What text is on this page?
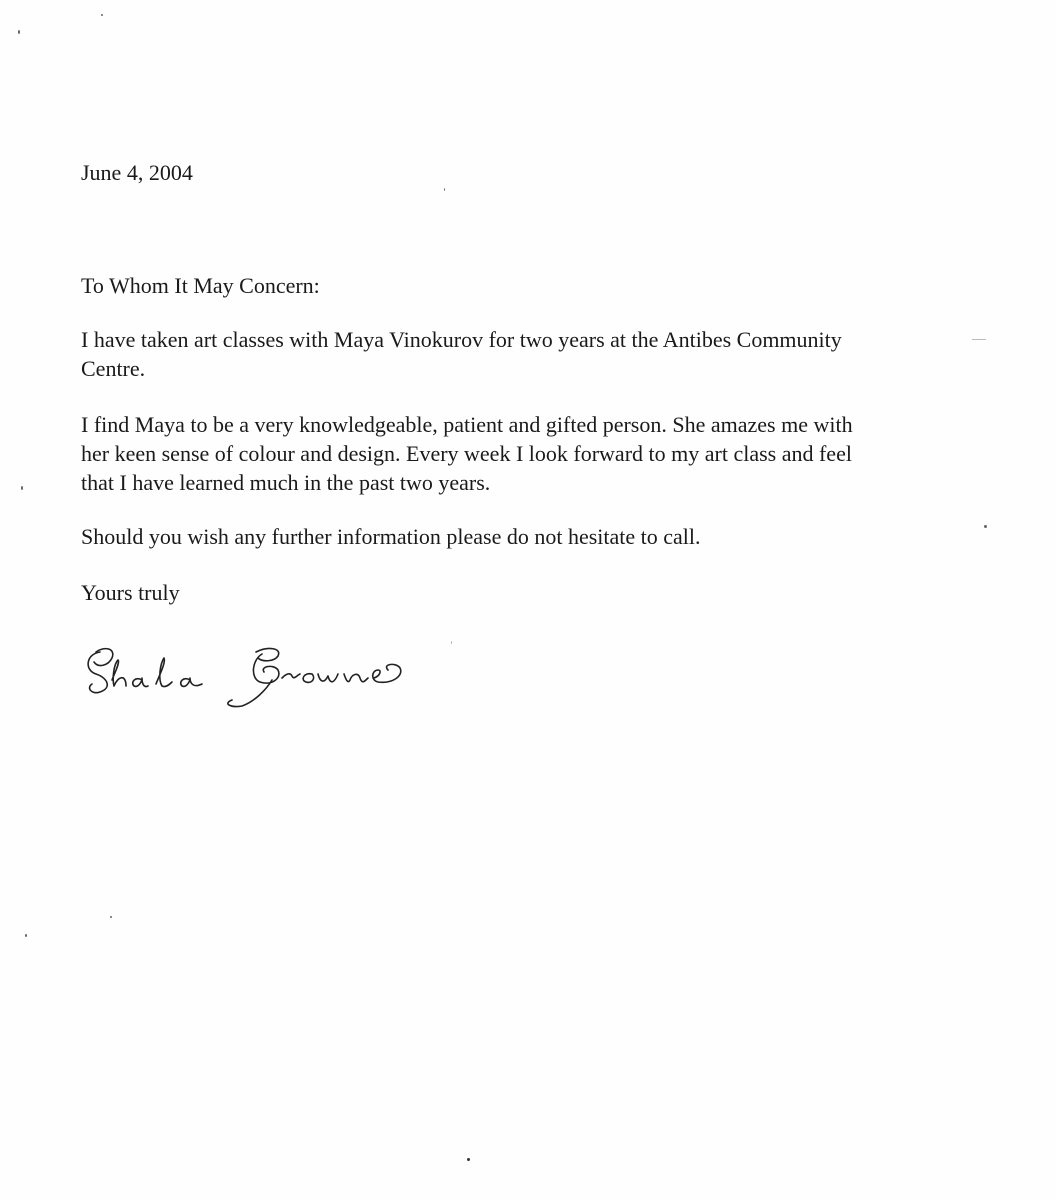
June 4, 2004
To Whom It May Concern:
I have taken art classes with Maya Vinokurov for two years at the Antibes Community
Centre.
I find Maya to be a very knowledgeable, patient and gifted person. She amazes me with
her keen sense of colour and design. Every week I look forward to my art class and feel
that I have learned much in the past two years.
Should you wish any further information please do not hesitate to call.
Yours truly
